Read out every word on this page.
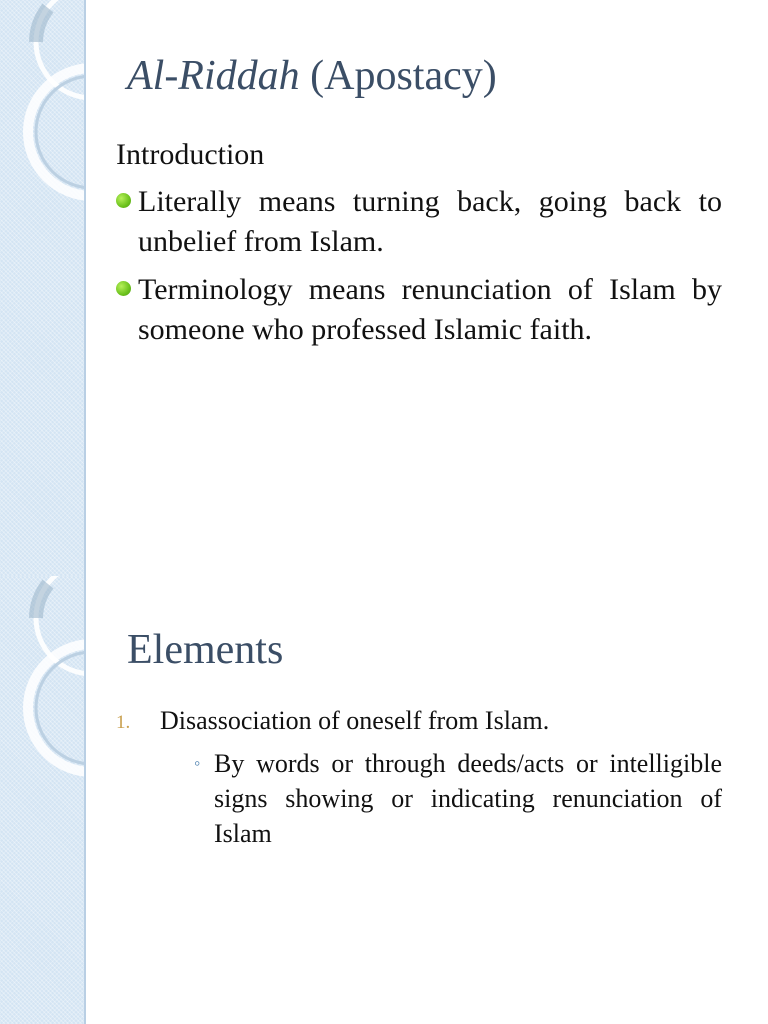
Al-Riddah (Apostacy)

Introduction

Literally means turning back, going back to unbelief from Islam.
Terminology means renunciation of Islam by someone who professed Islamic faith.
Elements
1. Disassociation of oneself from Islam.
◦ By words or through deeds/acts or intelligible signs showing or indicating renunciation of Islam
